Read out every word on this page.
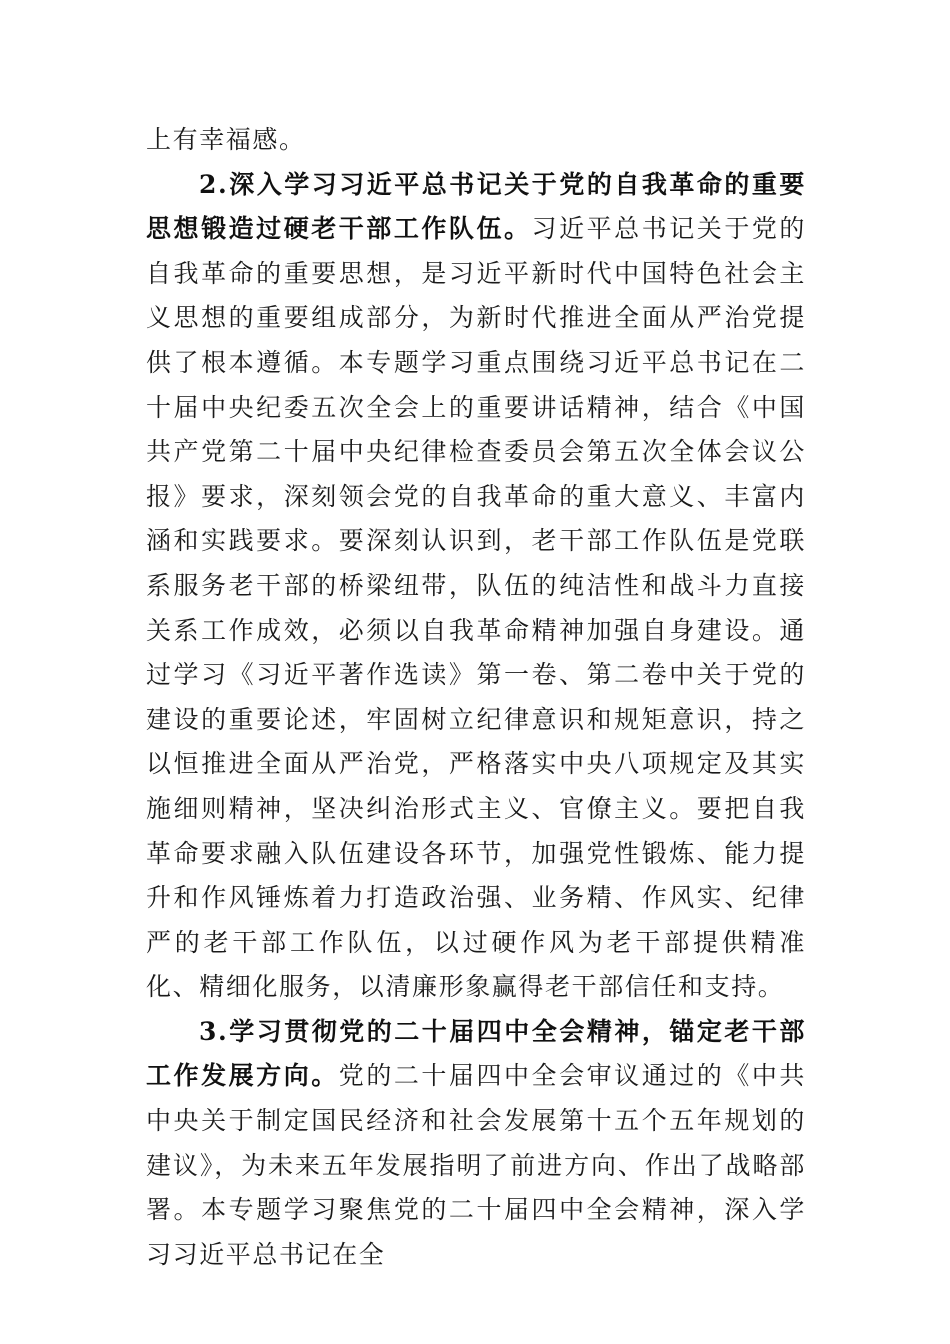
上有幸福感。

2.深入学习习近平总书记关于党的自我革命的重要思想锻造过硬老干部工作队伍。习近平总书记关于党的自我革命的重要思想，是习近平新时代中国特色社会主义思想的重要组成部分，为新时代推进全面从严治党提供了根本遵循。本专题学习重点围绕习近平总书记在二十届中央纪委五次全会上的重要讲话精神，结合《中国共产党第二十届中央纪律检查委员会第五次全体会议公报》要求，深刻领会党的自我革命的重大意义、丰富内涵和实践要求。要深刻认识到，老干部工作队伍是党联系服务老干部的桥梁纽带，队伍的纯洁性和战斗力直接关系工作成效，必须以自我革命精神加强自身建设。通过学习《习近平著作选读》第一卷、第二卷中关于党的建设的重要论述，牢固树立纪律意识和规矩意识，持之以恒推进全面从严治党，严格落实中央八项规定及其实施细则精神，坚决纠治形式主义、官僚主义。要把自我革命要求融入队伍建设各环节，加强党性锻炼、能力提升和作风锤炼着力打造政治强、业务精、作风实、纪律严的老干部工作队伍，以过硬作风为老干部提供精准化、精细化服务，以清廉形象赢得老干部信任和支持。

3.学习贯彻党的二十届四中全会精神，锚定老干部工作发展方向。党的二十届四中全会审议通过的《中共中央关于制定国民经济和社会发展第十五个五年规划的建议》，为未来五年发展指明了前进方向、作出了战略部署。本专题学习聚焦党的二十届四中全会精神，深入学习习近平总书记在全
